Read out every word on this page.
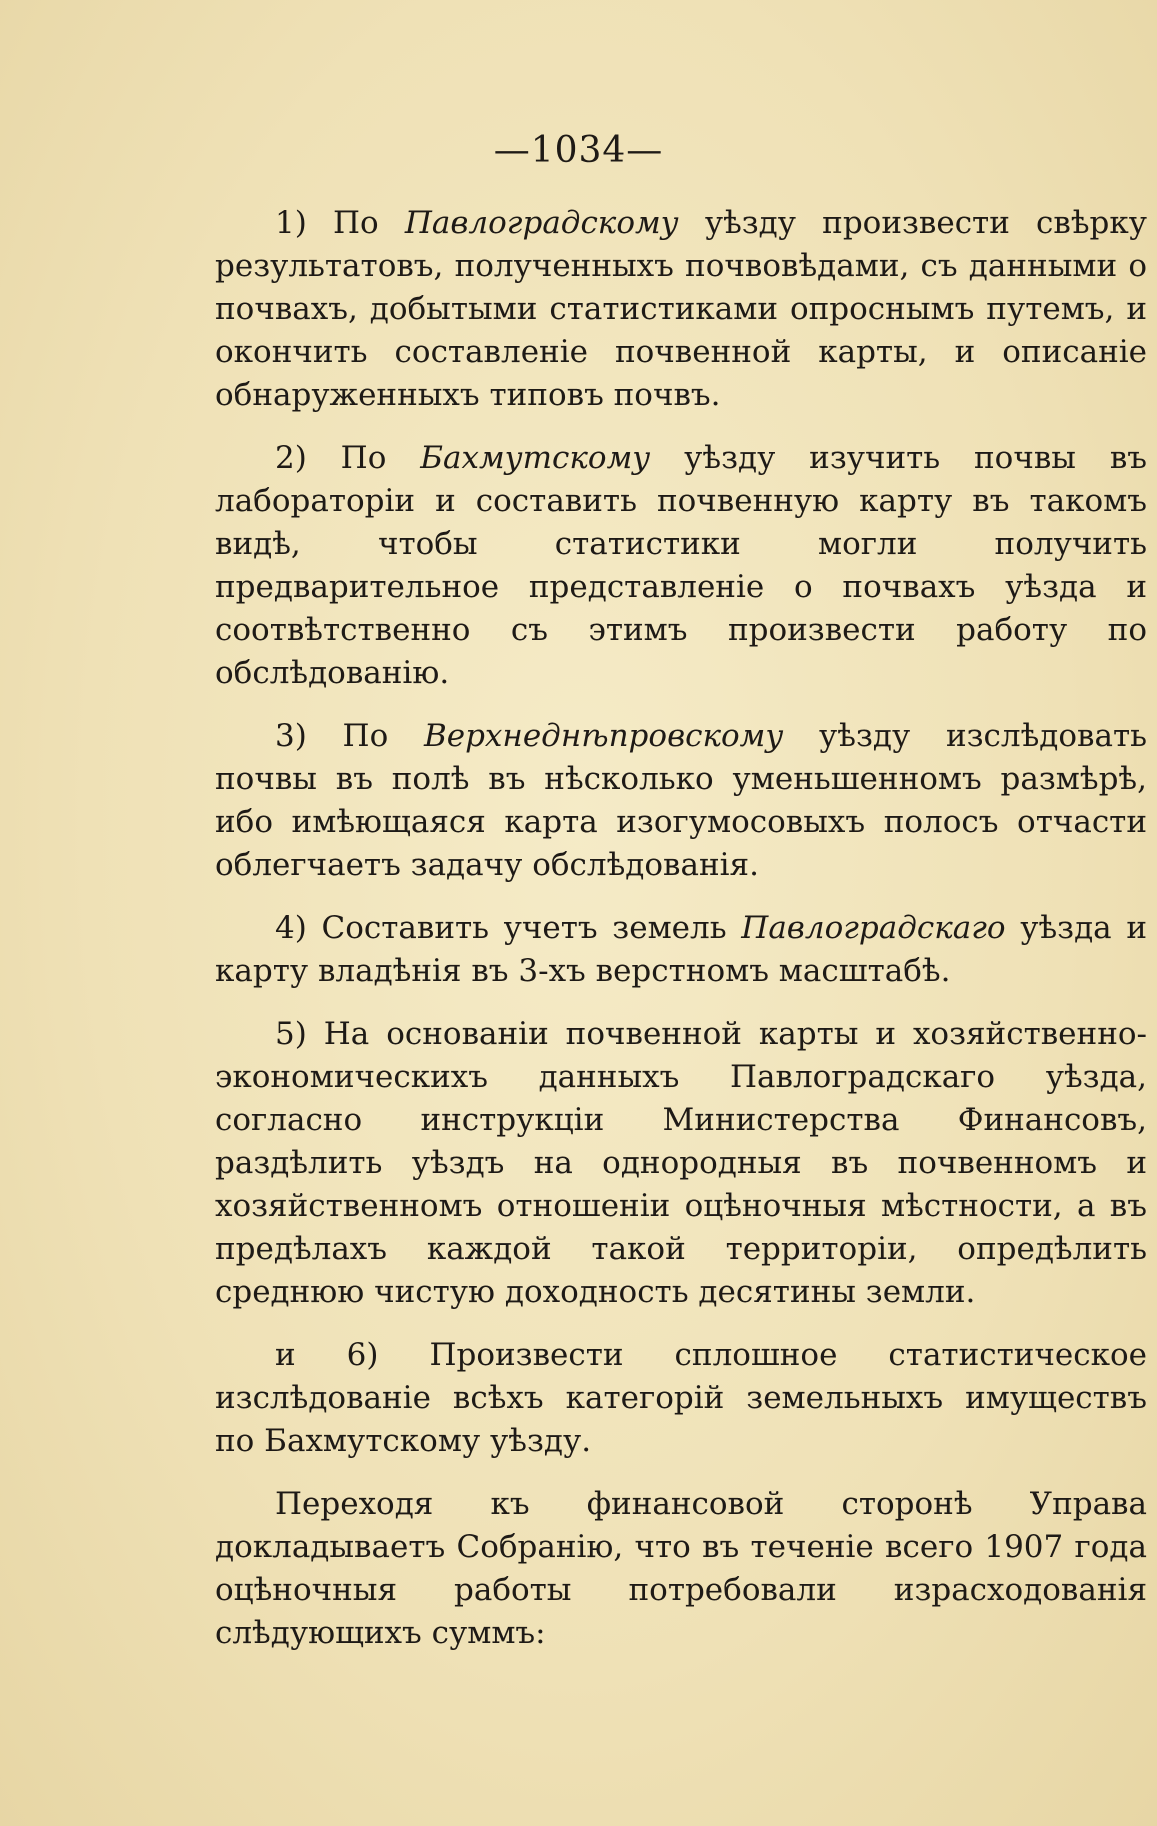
—1034—

1) По Павлоградскому уѣзду произвести свѣрку результатовъ, полученныхъ почвовѣдами, съ данными о почвахъ, добытыми статистиками опроснымъ путемъ, и окончить составленіе почвенной карты, и описаніе обнаруженныхъ типовъ почвъ.

2) По Бахмутскому уѣзду изучить почвы въ лабораторіи и составить почвенную карту въ такомъ видѣ, чтобы статистики могли получить предварительное представленіе о почвахъ уѣзда и соотвѣтственно съ этимъ произвести работу по обслѣдованію.

3) По Верхнеднѣпровскому уѣзду изслѣдовать почвы въ полѣ въ нѣсколько уменьшенномъ размѣрѣ, ибо имѣющаяся карта изогумосовыхъ полосъ отчасти облегчаетъ задачу обслѣдованія.

4) Составить учетъ земель Павлоградскаго уѣзда и карту владѣнія въ 3-хъ верстномъ масштабѣ.

5) На основаніи почвенной карты и хозяйственно-экономическихъ данныхъ Павлоградскаго уѣзда, согласно инструкціи Министерства Финансовъ, раздѣлить уѣздъ на однородныя въ почвенномъ и хозяйственномъ отношеніи оцѣночныя мѣстности, а въ предѣлахъ каждой такой территоріи, опредѣлить среднюю чистую доходность десятины земли.

и 6) Произвести сплошное статистическое изслѣдованіе всѣхъ категорій земельныхъ имуществъ по Бахмутскому уѣзду.

Переходя къ финансовой сторонѣ Управа докладываетъ Собранію, что въ теченіе всего 1907 года оцѣночныя работы потребовали израсходованія слѣдующихъ суммъ:
